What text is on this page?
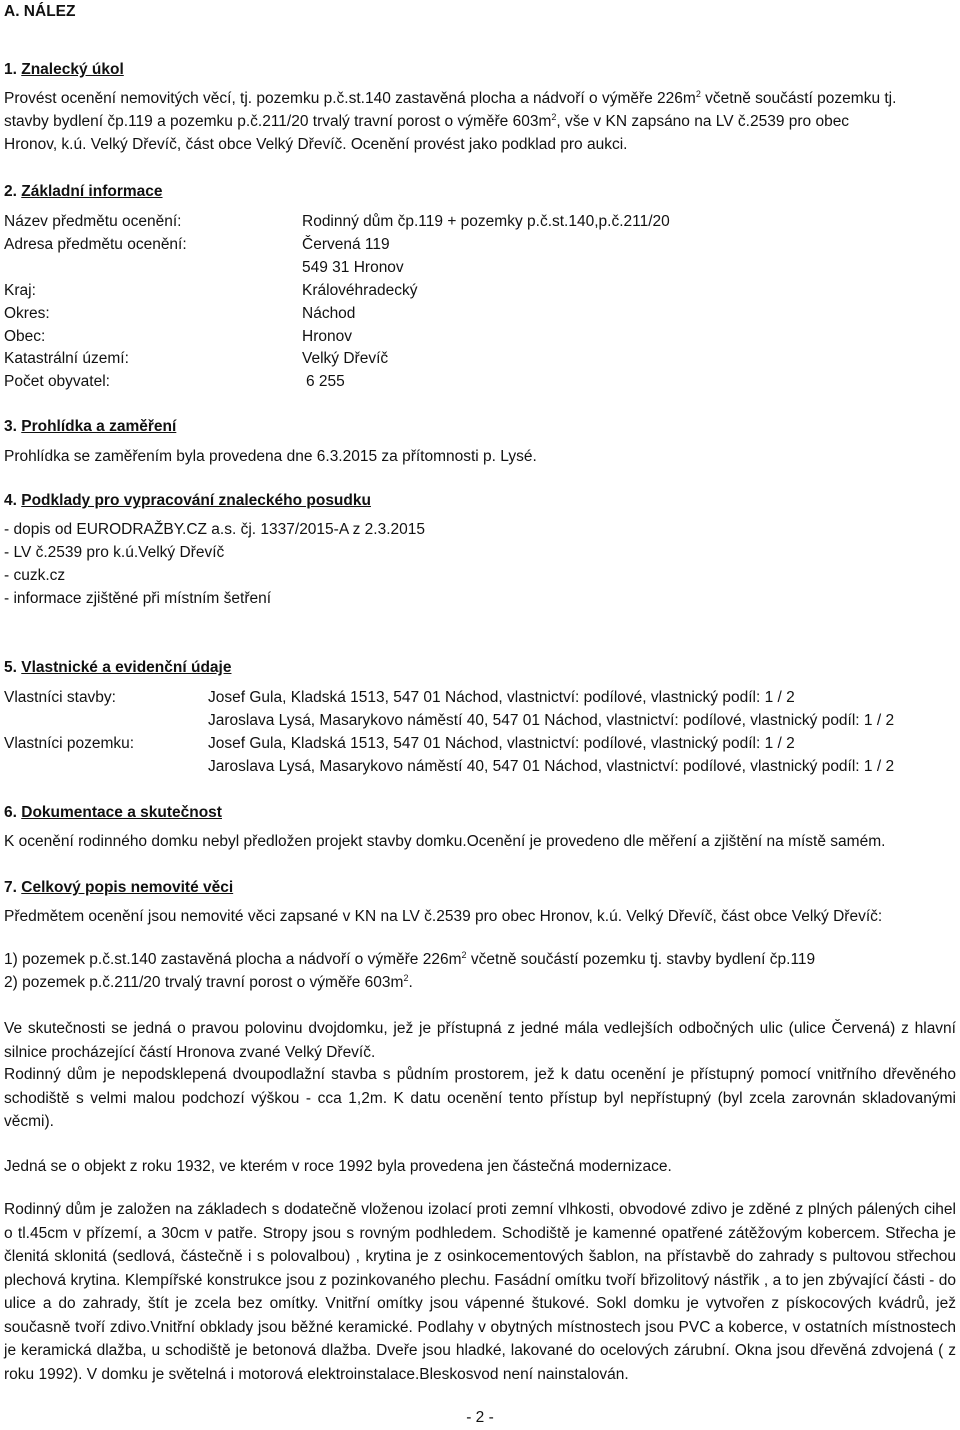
A. NÁLEZ
1. Znalecký úkol
Provést ocenění nemovitých věcí, tj. pozemku p.č.st.140 zastavěná plocha a nádvoří o výměře $226m^2$ včetně součástí pozemku tj.
stavby bydlení čp.119 a pozemku p.č.211/20 trvalý travní porost o výměře $603m^2$, vše v KN zapsáno na LV č.2539 pro obec
Hronov, k.ú. Velký Dřevíč, část obce Velký Dřevíč. Ocenění provést jako podklad pro aukci.
2. Základní informace
Název předmětu ocenění:	Rodinný dům čp.119 + pozemky p.č.st.140,p.č.211/20
Adresa předmětu ocenění:	Červená 119
549 31 Hronov
Kraj:	Královéhradecký
Okres:	Náchod
Obec:	Hronov
Katastrální území:	Velký Dřevíč
Počet obyvatel:	6 255
3. Prohlídka a zaměření
Prohlídka se zaměřením byla provedena dne 6.3.2015 za přítomnosti p. Lysé.
4. Podklady pro vypracování znaleckého posudku
- dopis od EURODRAŽBY.CZ a.s. čj. 1337/2015-A z 2.3.2015
- LV č.2539 pro k.ú.Velký Dřevíč
- cuzk.cz
- informace zjištěné při místním šetření
5. Vlastnické a evidenční údaje
Vlastníci stavby:	Josef Gula, Kladská 1513, 547 01 Náchod, vlastnictví: podílové, vlastnický podíl: 1 / 2
Jaroslava Lysá, Masarykovo náměstí 40, 547 01 Náchod, vlastnictví: podílové, vlastnický podíl: 1 / 2
Vlastníci pozemku:	Josef Gula, Kladská 1513, 547 01 Náchod, vlastnictví: podílové, vlastnický podíl: 1 / 2
Jaroslava Lysá, Masarykovo náměstí 40, 547 01 Náchod, vlastnictví: podílové, vlastnický podíl: 1 / 2
6. Dokumentace a skutečnost
K ocenění rodinného domku nebyl předložen projekt stavby domku.Ocenění je provedeno dle měření a zjištění na místě samém.
7. Celkový popis nemovité věci
Předmětem ocenění jsou nemovité věci zapsané v KN na LV č.2539 pro obec Hronov, k.ú. Velký Dřevíč, část obce Velký Dřevíč:
1) pozemek p.č.st.140 zastavěná plocha a nádvoří o výměře $226m^2$ včetně součástí pozemku tj. stavby bydlení čp.119
2) pozemek p.č.211/20 trvalý travní porost o výměře $603m^2$.

Ve skutečnosti se jedná o pravou polovinu dvojdomku, jež je přístupná z jedné mála vedlejších odbočných ulic (ulice Červená) z hlavní silnice procházející částí Hronova zvané Velký Dřevíč.

Rodinný dům je nepodsklepená dvoupodlažní stavba s půdním prostorem, jež k datu ocenění je přístupný pomocí vnitřního dřevěného schodiště s velmi malou podchozí výškou - cca 1,2m. K datu ocenění tento přístup byl nepřístupný (byl zcela zarovnán skladovanými věcmi).

Jedná se o objekt z roku 1932, ve kterém v roce 1992 byla provedena jen částečná modernizace.

Rodinný dům je založen na základech s dodatečně vloženou izolací proti zemní vlhkosti, obvodové zdivo je zděné z plných pálených cihel o tl.45cm v přízemí, a 30cm v patře. Stropy jsou s rovným podhledem. Schodiště je kamenné opatřené zátěžovým kobercem. Střecha je členitá sklonitá (sedlová, částečně i s polovalbou) , krytina je z osinkocementových šablon, na přístavbě do zahrady s pultovou střechou plechová krytina. Klempířské konstrukce jsou z pozinkovaného plechu. Fasádní omítku tvoří břizolitový nástřik , a to jen zbývající části - do ulice a do zahrady, štít je zcela bez omítky. Vnitřní omítky jsou vápenné štukové. Sokl domku je vytvořen z pískocových kvádrů, jež současně tvoří zdivo.Vnitřní obklady jsou běžné keramické. Podlahy v obytných místnostech jsou PVC a koberce, v ostatních místnostech je keramická dlažba, u schodiště je betonová dlažba. Dveře jsou hladké, lakované do ocelových zárubní. Okna jsou dřevěná zdvojená ( z roku 1992). V domku je světelná i motorová elektroinstalace.Bleskosvod není nainstalován.

- 2 -
